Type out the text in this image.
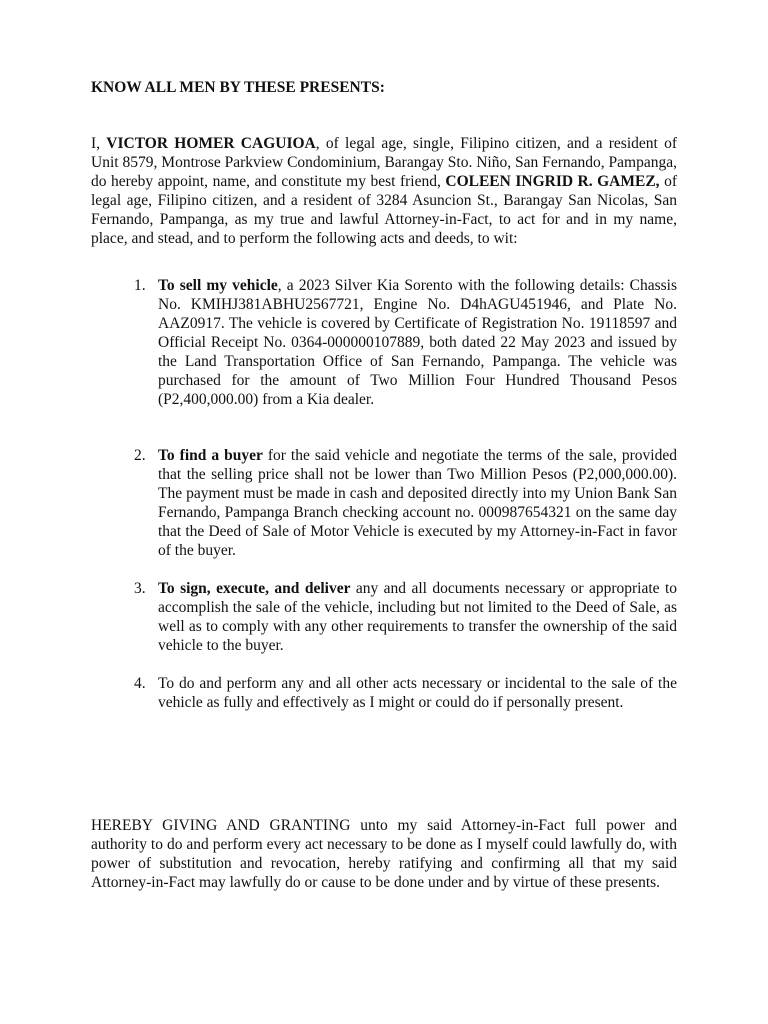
KNOW ALL MEN BY THESE PRESENTS:

I, VICTOR HOMER CAGUIOA, of legal age, single, Filipino citizen, and a resident of Unit 8579, Montrose Parkview Condominium, Barangay Sto. Niño, San Fernando, Pampanga, do hereby appoint, name, and constitute my best friend, COLEEN INGRID R. GAMEZ, of legal age, Filipino citizen, and a resident of 3284 Asuncion St., Barangay San Nicolas, San Fernando, Pampanga, as my true and lawful Attorney-in-Fact, to act for and in my name, place, and stead, and to perform the following acts and deeds, to wit:

1. To sell my vehicle, a 2023 Silver Kia Sorento with the following details: Chassis No. KMIHJ381ABHU2567721, Engine No. D4hAGU451946, and Plate No. AAZ0917. The vehicle is covered by Certificate of Registration No. 19118597 and Official Receipt No. 0364-000000107889, both dated 22 May 2023 and issued by the Land Transportation Office of San Fernando, Pampanga. The vehicle was purchased for the amount of Two Million Four Hundred Thousand Pesos (P2,400,000.00) from a Kia dealer.
2. To find a buyer for the said vehicle and negotiate the terms of the sale, provided that the selling price shall not be lower than Two Million Pesos (P2,000,000.00). The payment must be made in cash and deposited directly into my Union Bank San Fernando, Pampanga Branch checking account no. 000987654321 on the same day that the Deed of Sale of Motor Vehicle is executed by my Attorney-in-Fact in favor of the buyer.
3. To sign, execute, and deliver any and all documents necessary or appropriate to accomplish the sale of the vehicle, including but not limited to the Deed of Sale, as well as to comply with any other requirements to transfer the ownership of the said vehicle to the buyer.
4. To do and perform any and all other acts necessary or incidental to the sale of the vehicle as fully and effectively as I might or could do if personally present.

HEREBY GIVING AND GRANTING unto my said Attorney-in-Fact full power and authority to do and perform every act necessary to be done as I myself could lawfully do, with power of substitution and revocation, hereby ratifying and confirming all that my said Attorney-in-Fact may lawfully do or cause to be done under and by virtue of these presents.
